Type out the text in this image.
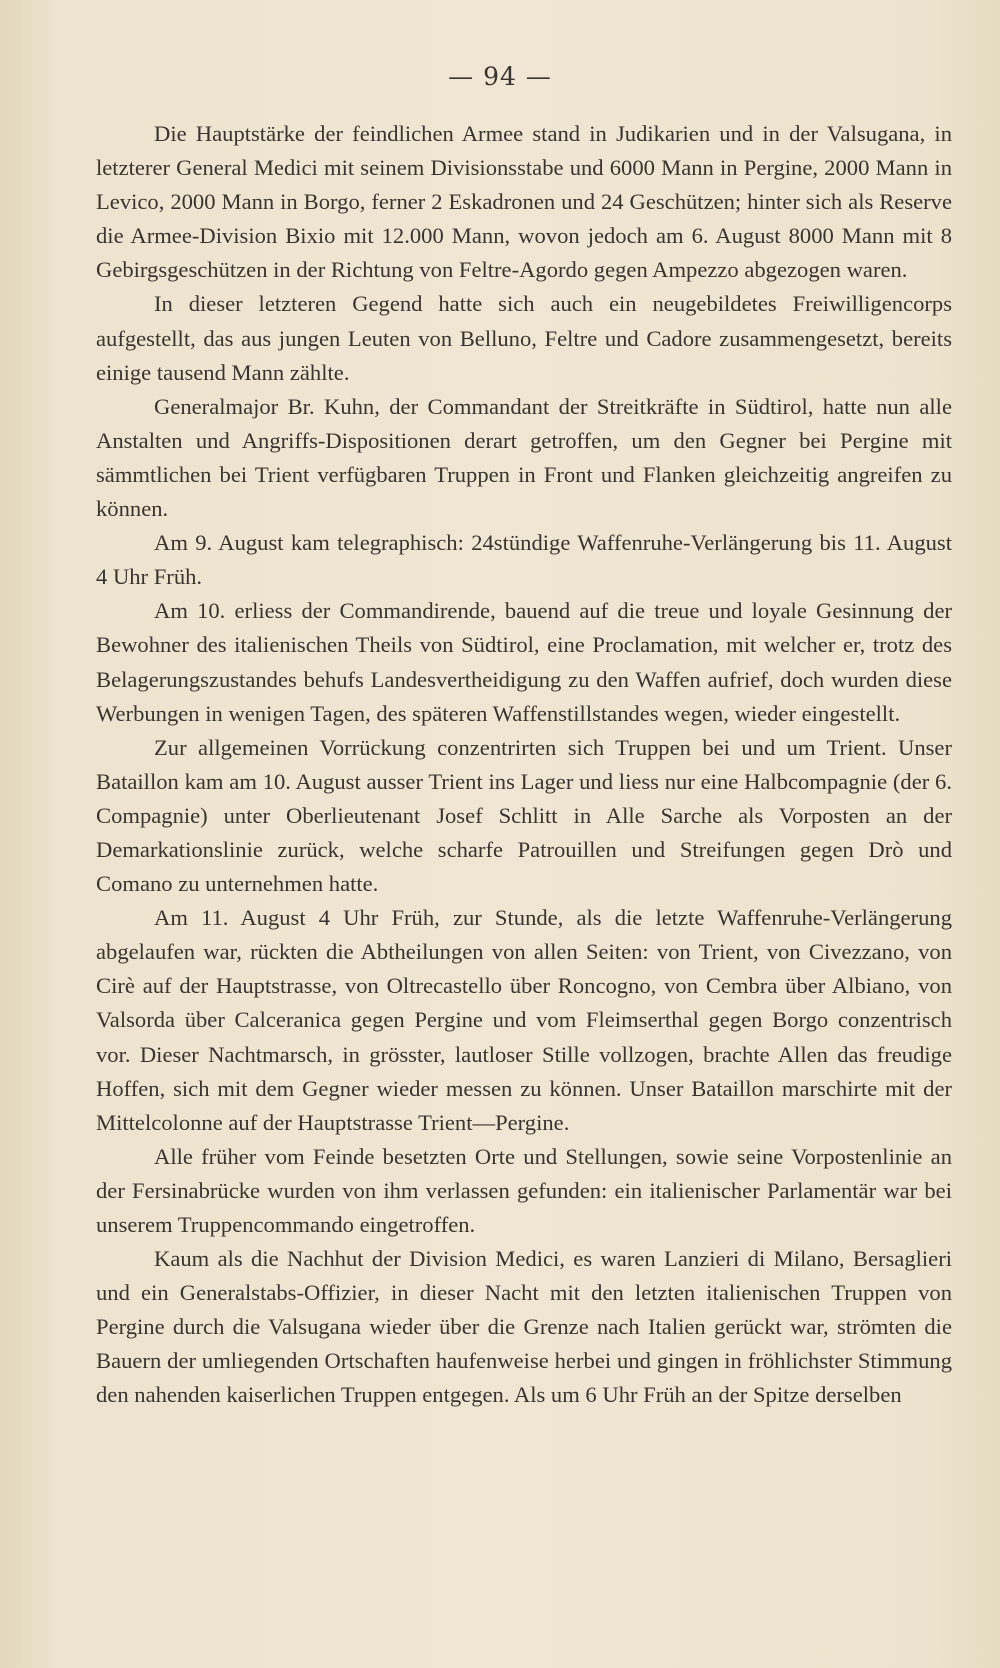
— 94 —

Die Hauptstärke der feindlichen Armee stand in Judikarien und in der Valsugana, in letzterer General Medici mit seinem Divisionsstabe und 6000 Mann in Pergine, 2000 Mann in Levico, 2000 Mann in Borgo, ferner 2 Eskadronen und 24 Geschützen; hinter sich als Reserve die Armee-Division Bixio mit 12.000 Mann, wovon jedoch am 6. August 8000 Mann mit 8 Gebirgsgeschützen in der Richtung von Feltre-Agordo gegen Ampezzo abgezogen waren.

In dieser letzteren Gegend hatte sich auch ein neugebildetes Freiwilligencorps aufgestellt, das aus jungen Leuten von Belluno, Feltre und Cadore zusammengesetzt, bereits einige tausend Mann zählte.

Generalmajor Br. Kuhn, der Commandant der Streitkräfte in Südtirol, hatte nun alle Anstalten und Angriffs-Dispositionen derart getroffen, um den Gegner bei Pergine mit sämmtlichen bei Trient verfügbaren Truppen in Front und Flanken gleichzeitig angreifen zu können.

Am 9. August kam telegraphisch: 24stündige Waffenruhe-Verlängerung bis 11. August 4 Uhr Früh.

Am 10. erliess der Commandirende, bauend auf die treue und loyale Gesinnung der Bewohner des italienischen Theils von Südtirol, eine Proclamation, mit welcher er, trotz des Belagerungszustandes behufs Landesvertheidigung zu den Waffen aufrief, doch wurden diese Werbungen in wenigen Tagen, des späteren Waffenstillstandes wegen, wieder eingestellt.

Zur allgemeinen Vorrückung conzentrirten sich Truppen bei und um Trient. Unser Bataillon kam am 10. August ausser Trient ins Lager und liess nur eine Halbcompagnie (der 6. Compagnie) unter Oberlieutenant Josef Schlitt in Alle Sarche als Vorposten an der Demarkationslinie zurück, welche scharfe Patrouillen und Streifungen gegen Drò und Comano zu unternehmen hatte.

Am 11. August 4 Uhr Früh, zur Stunde, als die letzte Waffenruhe-Verlängerung abgelaufen war, rückten die Abtheilungen von allen Seiten: von Trient, von Civezzano, von Cirè auf der Hauptstrasse, von Oltrecastello über Roncogno, von Cembra über Albiano, von Valsorda über Calceranica gegen Pergine und vom Fleimserthal gegen Borgo conzentrisch vor. Dieser Nachtmarsch, in grösster, lautloser Stille vollzogen, brachte Allen das freudige Hoffen, sich mit dem Gegner wieder messen zu können. Unser Bataillon marschirte mit der Mittelcolonne auf der Hauptstrasse Trient—Pergine.

Alle früher vom Feinde besetzten Orte und Stellungen, sowie seine Vorpostenlinie an der Fersinabrücke wurden von ihm verlassen gefunden: ein italienischer Parlamentär war bei unserem Truppencommando eingetroffen.

Kaum als die Nachhut der Division Medici, es waren Lanzieri di Milano, Bersaglieri und ein Generalstabs-Offizier, in dieser Nacht mit den letzten italienischen Truppen von Pergine durch die Valsugana wieder über die Grenze nach Italien gerückt war, strömten die Bauern der umliegenden Ortschaften haufenweise herbei und gingen in fröhlichster Stimmung den nahenden kaiserlichen Truppen entgegen. Als um 6 Uhr Früh an der Spitze derselben
